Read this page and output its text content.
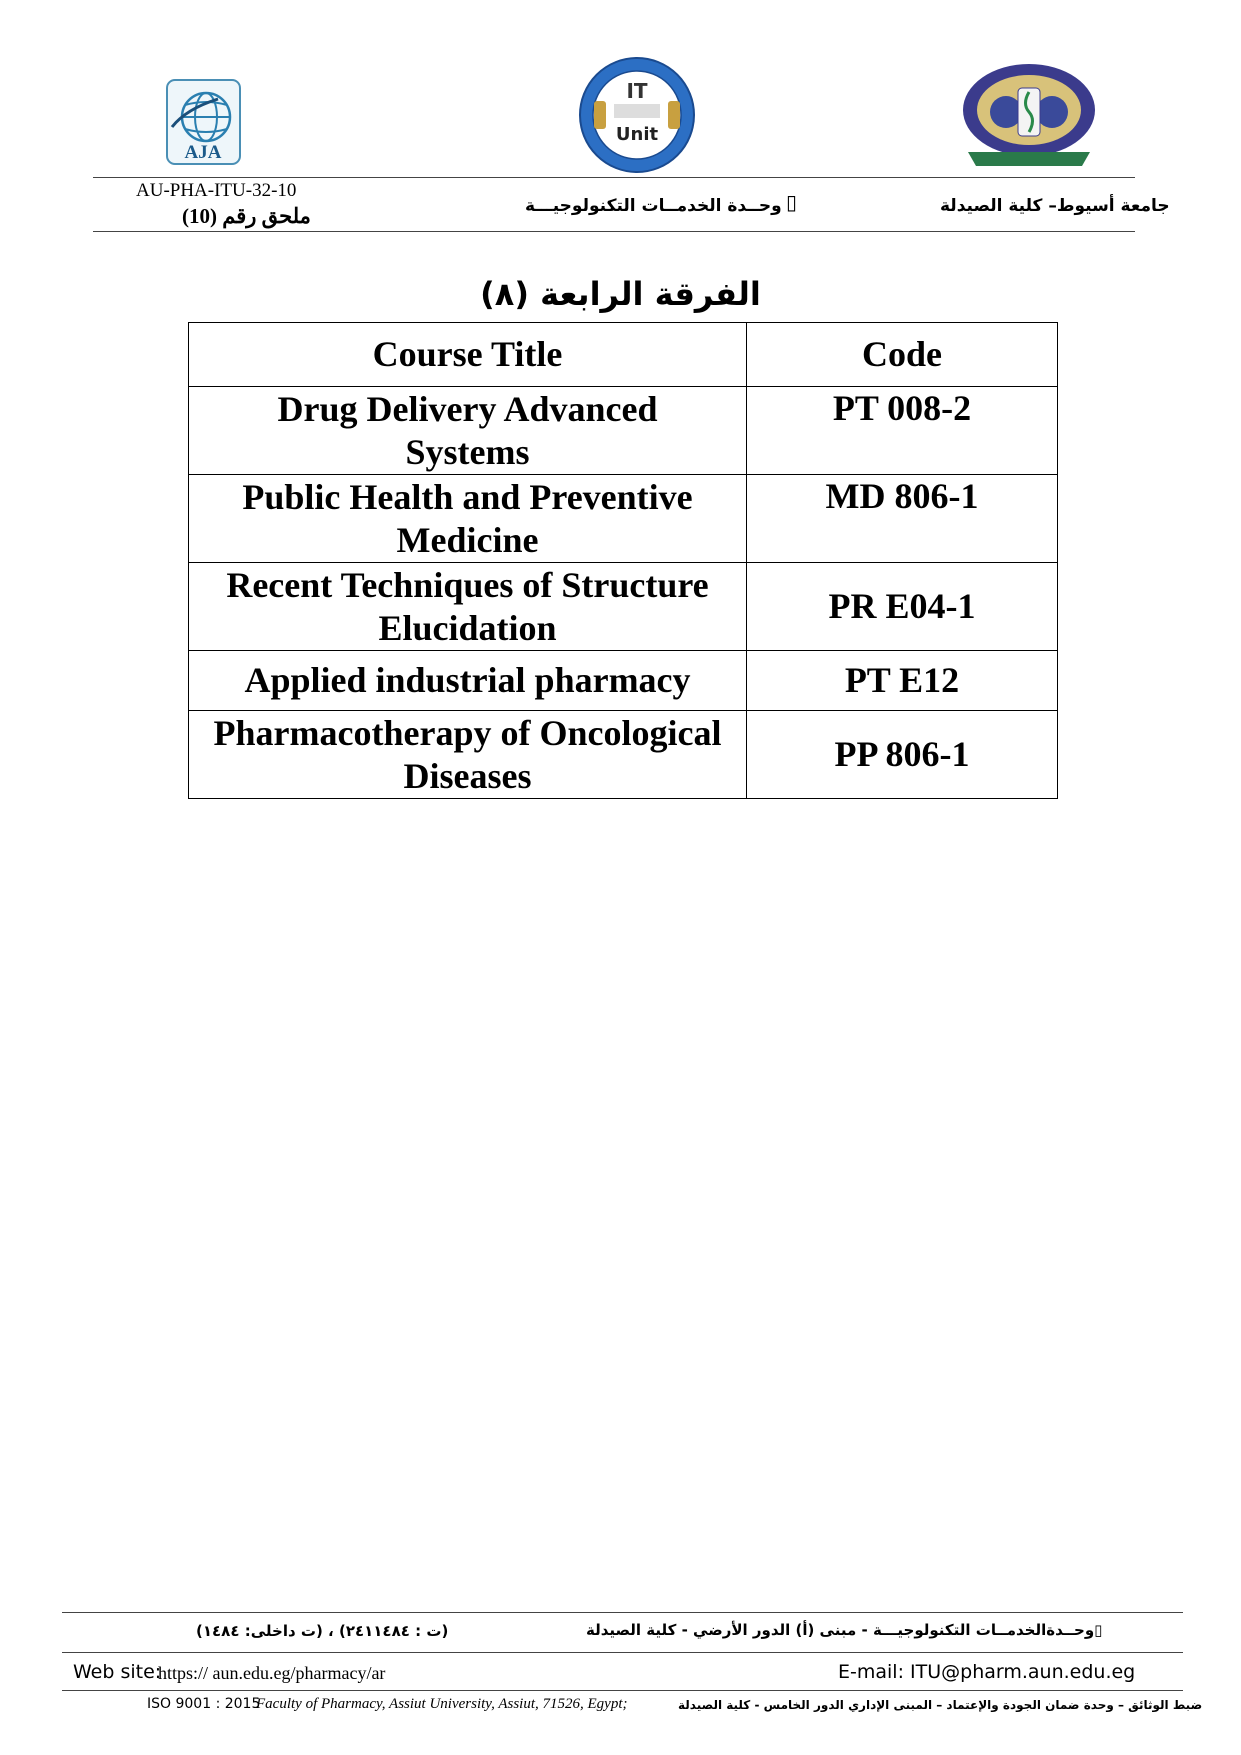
AJA
IT
Unit
AU-PHA-ITU-32-10
ملحق رقم (10)	وحــدة الخدمــات التكنولوجيـــة ▯	جامعة أسيوط– كلية الصيدلة
الفرقة الرابعة (٨)
Course Title	Code

Drug Delivery Advanced
Systems	PT 008-2

Public Health and Preventive
Medicine	MD 806-1

Recent Techniques of Structure
Elucidation	PR E04-1

Applied industrial pharmacy	PT E12

Pharmacotherapy of Oncological
Diseases	PP 806-1
(ت داخلى: ١٤٨٤) ، (ت : ٢٤١١٤٨٤)	▯وحــدةالخدمــات التكنولوجيـــة - مبنى (أ) الدور الأرضي - كلية الصيدلة
Web site:
https:// aun.edu.eg/pharmacy/ar	E-mail: ITU@pharm.aun.edu.eg
ISO 9001 : 2015
Faculty of Pharmacy, Assiut University, Assiut, 71526, Egypt;	ضبط الوثائق – وحدة ضمان الجودة والإعتماد – المبنى الإداري الدور الخامس - كلية الصيدلة
